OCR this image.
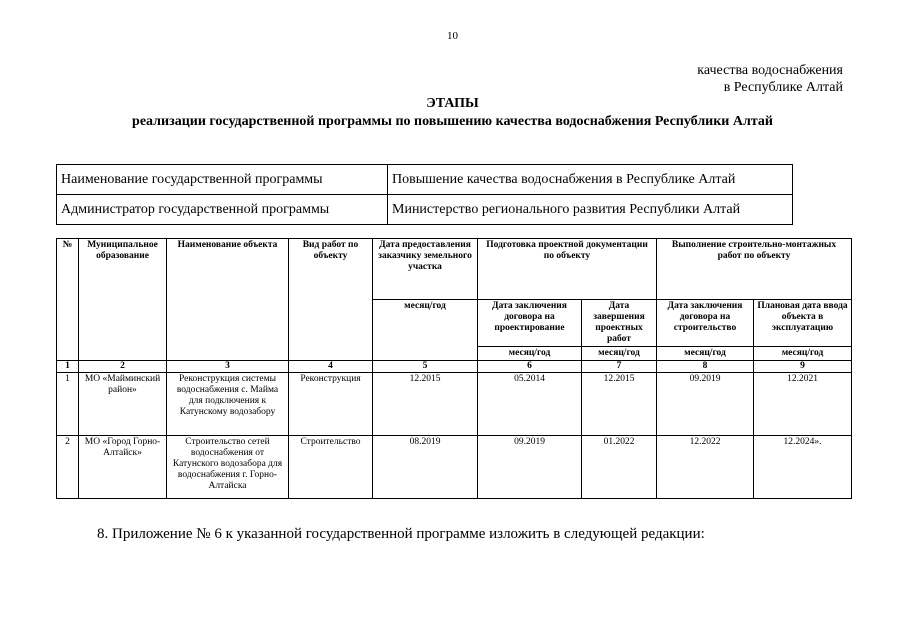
10
качества водоснабжения
в Республике Алтай
ЭТАПЫ
реализации государственной программы по повышению качества водоснабжения Республики Алтай
Наименование государственной программы	Повышение качества водоснабжения в Республике Алтай
Администратор государственной программы	Министерство регионального развития Республики Алтай
№	Муниципальное образование	Наименование объекта	Вид работ по объекту	Дата предоставления заказчику земельного участка	Подготовка проектной документации по объекту		Выполнение строительно-монтажных работ по объекту	
				месяц/год	Дата заключения договора на проектирование	Дата завершения проектных работ	Дата заключения договора на строительство	Плановая дата ввода объекта в эксплуатацию
					месяц/год	месяц/год	месяц/год	месяц/год
1	2	3	4	5	6	7	8	9
1	МО «Майминский район»	Реконструкция системы водоснабжения с. Майма для подключения к Катунскому водозабору	Реконструкция	12.2015	05.2014	12.2015	09.2019	12.2021
2	МО «Город Горно-Алтайск»	Строительство сетей водоснабжения от Катунского водозабора для водоснабжения г. Горно-Алтайска	Строительство	08.2019	09.2019	01.2022	12.2022	12.2024».
8. Приложение № 6 к указанной государственной программе изложить в следующей редакции:
